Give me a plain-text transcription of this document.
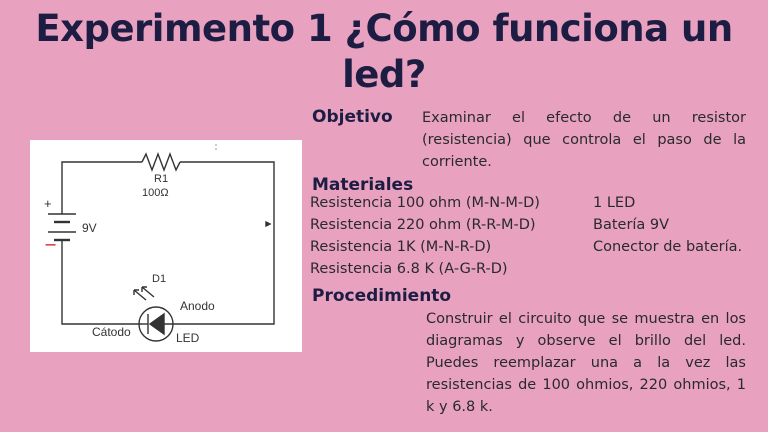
Experimento 1 ¿Cómo funciona un led?
R1
100Ω
+
−
9V
D1
Anodo
Cátodo	LED
Objetivo Examinar el efecto de un resistor (resistencia) que controla el paso de la corriente.
Materiales
Resistencia 100 ohm (M-N-M-D)
Resistencia 220 ohm (R-R-M-D)
Resistencia 1K (M-N-R-D)
Resistencia 6.8 K (A-G-R-D)
1 LED
Batería 9V
Conector de batería.
Procedimiento
Construir el circuito que se muestra en los diagramas y observe el brillo del led. Puedes reemplazar una a la vez las resistencias de 100 ohmios, 220 ohmios, 1 k y 6.8 k.
